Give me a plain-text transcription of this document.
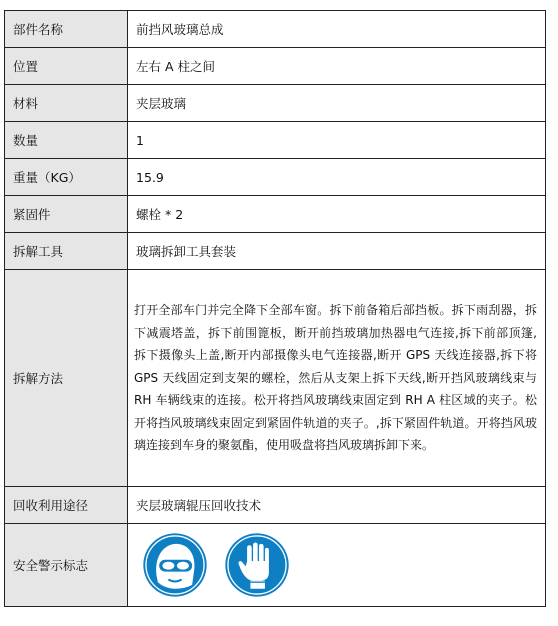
部件名称	前挡风玻璃总成
位置	左右 A 柱之间
材料	夹层玻璃
数量	1
重量（KG）	15.9
紧固件	螺栓 * 2
拆解工具	玻璃拆卸工具套装
拆解方法	打开全部车门并完全降下全部车窗。拆下前备箱后部挡板。拆下雨刮器，拆下减震塔盖，拆下前围篦板，断开前挡玻璃加热器电气连接,拆下前部顶篷,拆下摄像头上盖,断开内部摄像头电气连接器,断开 GPS 天线连接器,拆下将 GPS 天线固定到支架的螺栓，然后从支架上拆下天线,断开挡风玻璃线束与 RH 车辆线束的连接。松开将挡风玻璃线束固定到 RH A 柱区域的夹子。松开将挡风玻璃线束固定到紧固件轨道的夹子。,拆下紧固件轨道。开将挡风玻璃连接到车身的聚氨酯，使用吸盘将挡风玻璃拆卸下来。
回收利用途径	夹层玻璃辊压回收技术
安全警示标志	
